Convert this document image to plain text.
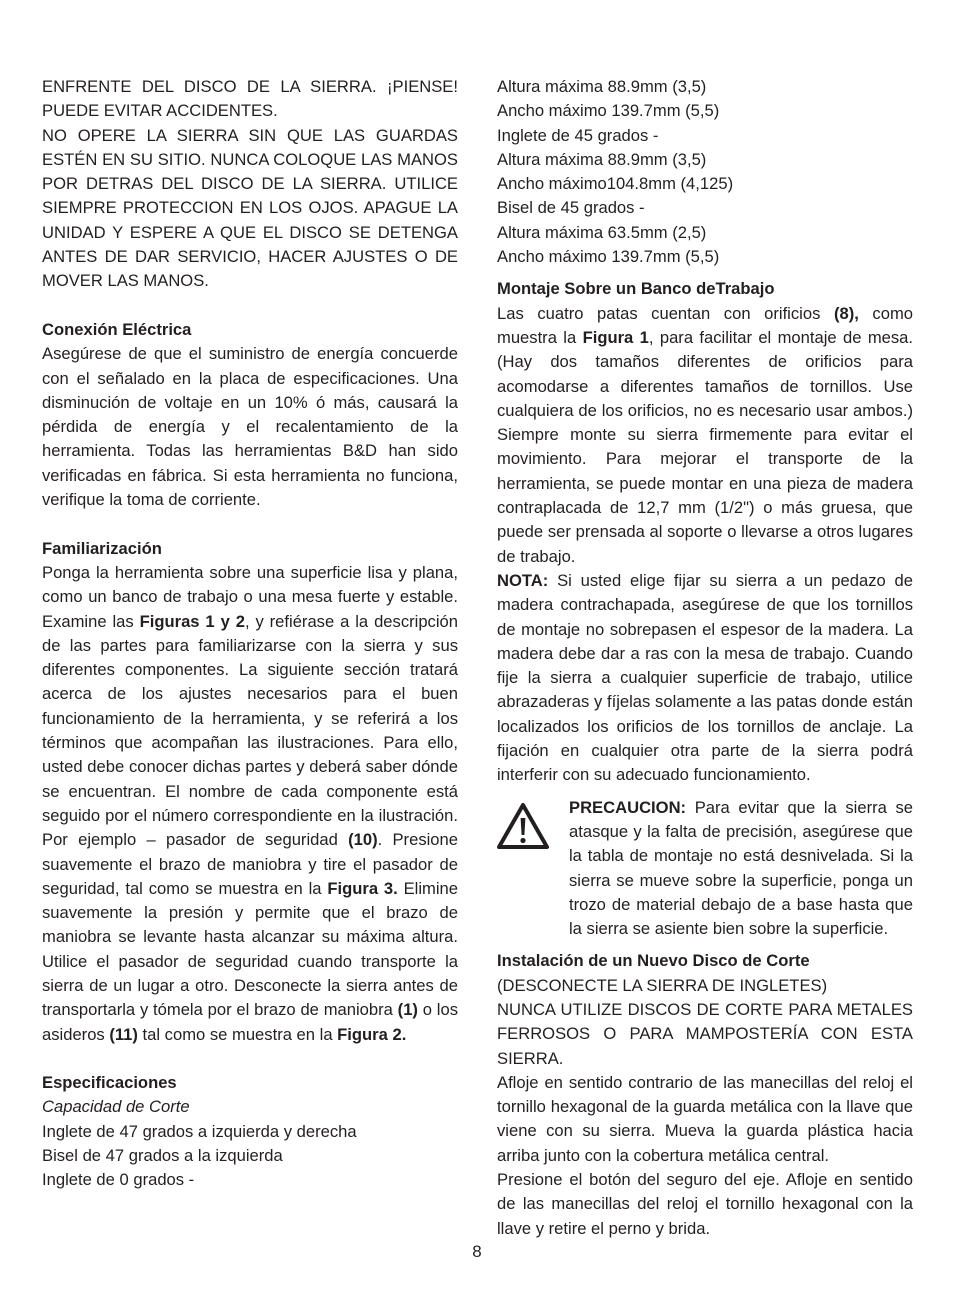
ENFRENTE DEL DISCO DE LA SIERRA. ¡PIENSE!

PUEDE EVITAR ACCIDENTES.

NO OPERE LA SIERRA SIN QUE LAS GUARDAS

ESTÉN EN SU SITIO. NUNCA COLOQUE LAS MANOS

POR DETRAS DEL DISCO DE LA SIERRA. UTILICE

SIEMPRE PROTECCION EN LOS OJOS. APAGUE LA

UNIDAD Y ESPERE A QUE EL DISCO SE DETENGA

ANTES DE DAR SERVICIO, HACER AJUSTES O DE

MOVER LAS MANOS.

Conexión Eléctrica

Asegúrese de que el suministro de energía concuerde con el señalado en la placa de especificaciones. Una disminución de voltaje en un 10% ó más, causará la pérdida de energía y el recalentamiento de la herramienta. Todas las herramientas B&D han sido verificadas en fábrica. Si esta herramienta no funciona, verifique la toma de corriente.

Familiarización

Ponga la herramienta sobre una superficie lisa y plana, como un banco de trabajo o una mesa fuerte y estable. Examine las Figuras 1 y 2, y refiérase a la descripción de las partes para familiarizarse con la sierra y sus diferentes componentes. La siguiente sección tratará acerca de los ajustes necesarios para el buen funcionamiento de la herramienta, y se referirá a los términos que acompañan las ilustraciones. Para ello, usted debe conocer dichas partes y deberá saber dónde se encuentran. El nombre de cada componente está seguido por el número correspondiente en la ilustración. Por ejemplo – pasador de seguridad (10). Presione suavemente el brazo de maniobra y tire el pasador de seguridad, tal como se muestra en la Figura 3. Elimine suavemente la presión y permite que el brazo de maniobra se levante hasta alcanzar su máxima altura. Utilice el pasador de seguridad cuando transporte la sierra de un lugar a otro. Desconecte la sierra antes de transportarla y tómela por el brazo de maniobra (1) o los asideros (11) tal como se muestra en la Figura 2.

Especificaciones

Capacidad de Corte

Inglete de 47 grados a izquierda y derecha

Bisel de 47 grados a la izquierda

Inglete de 0 grados -

Altura máxima 88.9mm (3,5)

Ancho máximo 139.7mm (5,5)

Inglete de 45 grados -

Altura máxima 88.9mm (3,5)

Ancho máximo104.8mm (4,125)

Bisel de 45 grados -

Altura máxima 63.5mm (2,5)

Ancho máximo 139.7mm (5,5)

Montaje Sobre un Banco deTrabajo

Las cuatro patas cuentan con orificios (8), como muestra la Figura 1, para facilitar el montaje de mesa. (Hay dos tamaños diferentes de orificios para acomodarse a diferentes tamaños de tornillos. Use cualquiera de los orificios, no es necesario usar ambos.) Siempre monte su sierra firmemente para evitar el movimiento. Para mejorar el transporte de la herramienta, se puede montar en una pieza de madera contraplacada de 12,7 mm (1/2") o más gruesa, que puede ser prensada al soporte o llevarse a otros lugares de trabajo.

NOTA: Si usted elige fijar su sierra a un pedazo de madera contrachapada, asegúrese de que los tornillos de montaje no sobrepasen el espesor de la madera. La madera debe dar a ras con la mesa de trabajo. Cuando fije la sierra a cualquier superficie de trabajo, utilice abrazaderas y fíjelas solamente a las patas donde están localizados los orificios de los tornillos de anclaje. La fijación en cualquier otra parte de la sierra podrá interferir con su adecuado funcionamiento.

PRECAUCION: Para evitar que la sierra se atasque y la falta de precisión, asegúrese que la tabla de montaje no está desnivelada. Si la sierra se mueve sobre la superficie, ponga un trozo de material debajo de a base hasta que la sierra se asiente bien sobre la superficie.

Instalación de un Nuevo Disco de Corte

(DESCONECTE LA SIERRA DE INGLETES)

NUNCA UTILIZE DISCOS DE CORTE PARA METALES

FERROSOS O PARA MAMPOSTERÍA CON ESTA

SIERRA.

Afloje en sentido contrario de las manecillas del reloj el tornillo hexagonal de la guarda metálica con la llave que viene con su sierra. Mueva la guarda plástica hacia arriba junto con la cobertura metálica central.

Presione el botón del seguro del eje. Afloje en sentido de las manecillas del reloj el tornillo hexagonal con la llave y retire el perno y brida.

8
